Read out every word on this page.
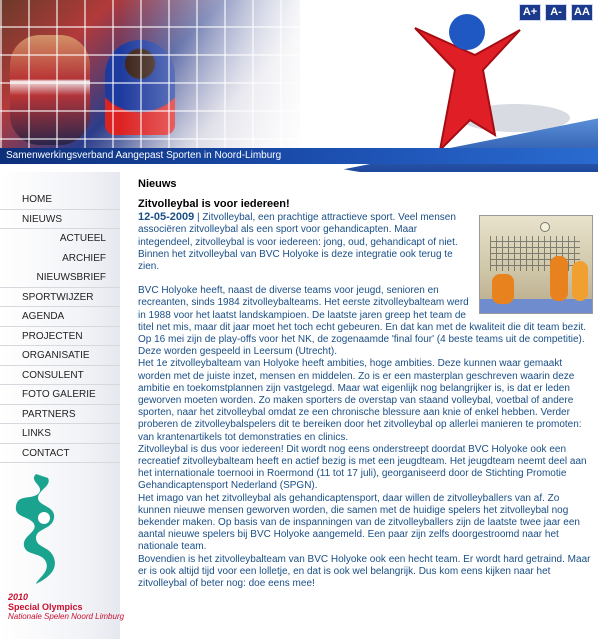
Samenwerkingsverband Aangepast Sporten in Noord-Limburg
A+	A-	AA
HOME
NIEUWS
ACTUEEL
ARCHIEF
NIEUWSBRIEF
SPORTWIJZER
AGENDA
PROJECTEN
ORGANISATIE
CONSULENT
FOTO GALERIE
PARTNERS
LINKS
CONTACT
2010
Special Olympics
Nationale Spelen Noord Limburg
Nieuws
Zitvolleybal is voor iedereen!

12-05-2009 | Zitvolleybal, een prachtige attractieve sport. Veel mensen associëren zitvolleybal als een sport voor gehandicapten. Maar integendeel, zitvolleybal is voor iedereen: jong, oud, gehandicapt of niet. Binnen het zitvolleybal van BVC Holyoke is deze integratie ook terug te zien.

BVC Holyoke heeft, naast de diverse teams voor jeugd, senioren en recreanten, sinds 1984 zitvolleybalteams. Het eerste zitvolleybalteam werd in 1988 voor het laatst landskampioen. De laatste jaren greep het team de titel net mis, maar dit jaar moet het toch echt gebeuren. En dat kan met de kwaliteit die dit team bezit. Op 16 mei zijn de play-offs voor het NK, de zogenaamde 'final four' (4 beste teams uit de competitie). Deze worden gespeeld in Leersum (Utrecht).

Het 1e zitvolleybalteam van Holyoke heeft ambities, hoge ambities. Deze kunnen waar gemaakt worden met de juiste inzet, mensen en middelen. Zo is er een masterplan geschreven waarin deze ambitie en toekomstplannen zijn vastgelegd. Maar wat eigenlijk nog belangrijker is, is dat er leden geworven moeten worden. Zo maken sporters de overstap van staand volleybal, voetbal of andere sporten, naar het zitvolleybal omdat ze een chronische blessure aan knie of enkel hebben. Verder proberen de zitvolleybalspelers dit te bereiken door het zitvolleybal op allerlei manieren te promoten: van krantenartikels tot demonstraties en clinics.

Zitvolleybal is dus voor iedereen! Dit wordt nog eens onderstreept doordat BVC Holyoke ook een recreatief zitvolleybalteam heeft en actief bezig is met een jeugdteam. Het jeugdteam neemt deel aan het internationale toernooi in Roermond (11 tot 17 juli), georganiseerd door de Stichting Promotie Gehandicaptensport Nederland (SPGN).

Het imago van het zitvolleybal als gehandicaptensport, daar willen de zitvolleyballers van af. Zo kunnen nieuwe mensen geworven worden, die samen met de huidige spelers het zitvolleybal nog bekender maken. Op basis van de inspanningen van de zitvolleyballers zijn de laatste twee jaar een aantal nieuwe spelers bij BVC Holyoke aangemeld. Een paar zijn zelfs doorgestroomd naar het nationale team.

Bovendien is het zitvolleybalteam van BVC Holyoke ook een hecht team. Er wordt hard getraind. Maar er is ook altijd tijd voor een lolletje, en dat is ook wel belangrijk. Dus kom eens kijken naar het zitvolleybal of beter nog: doe eens mee!
